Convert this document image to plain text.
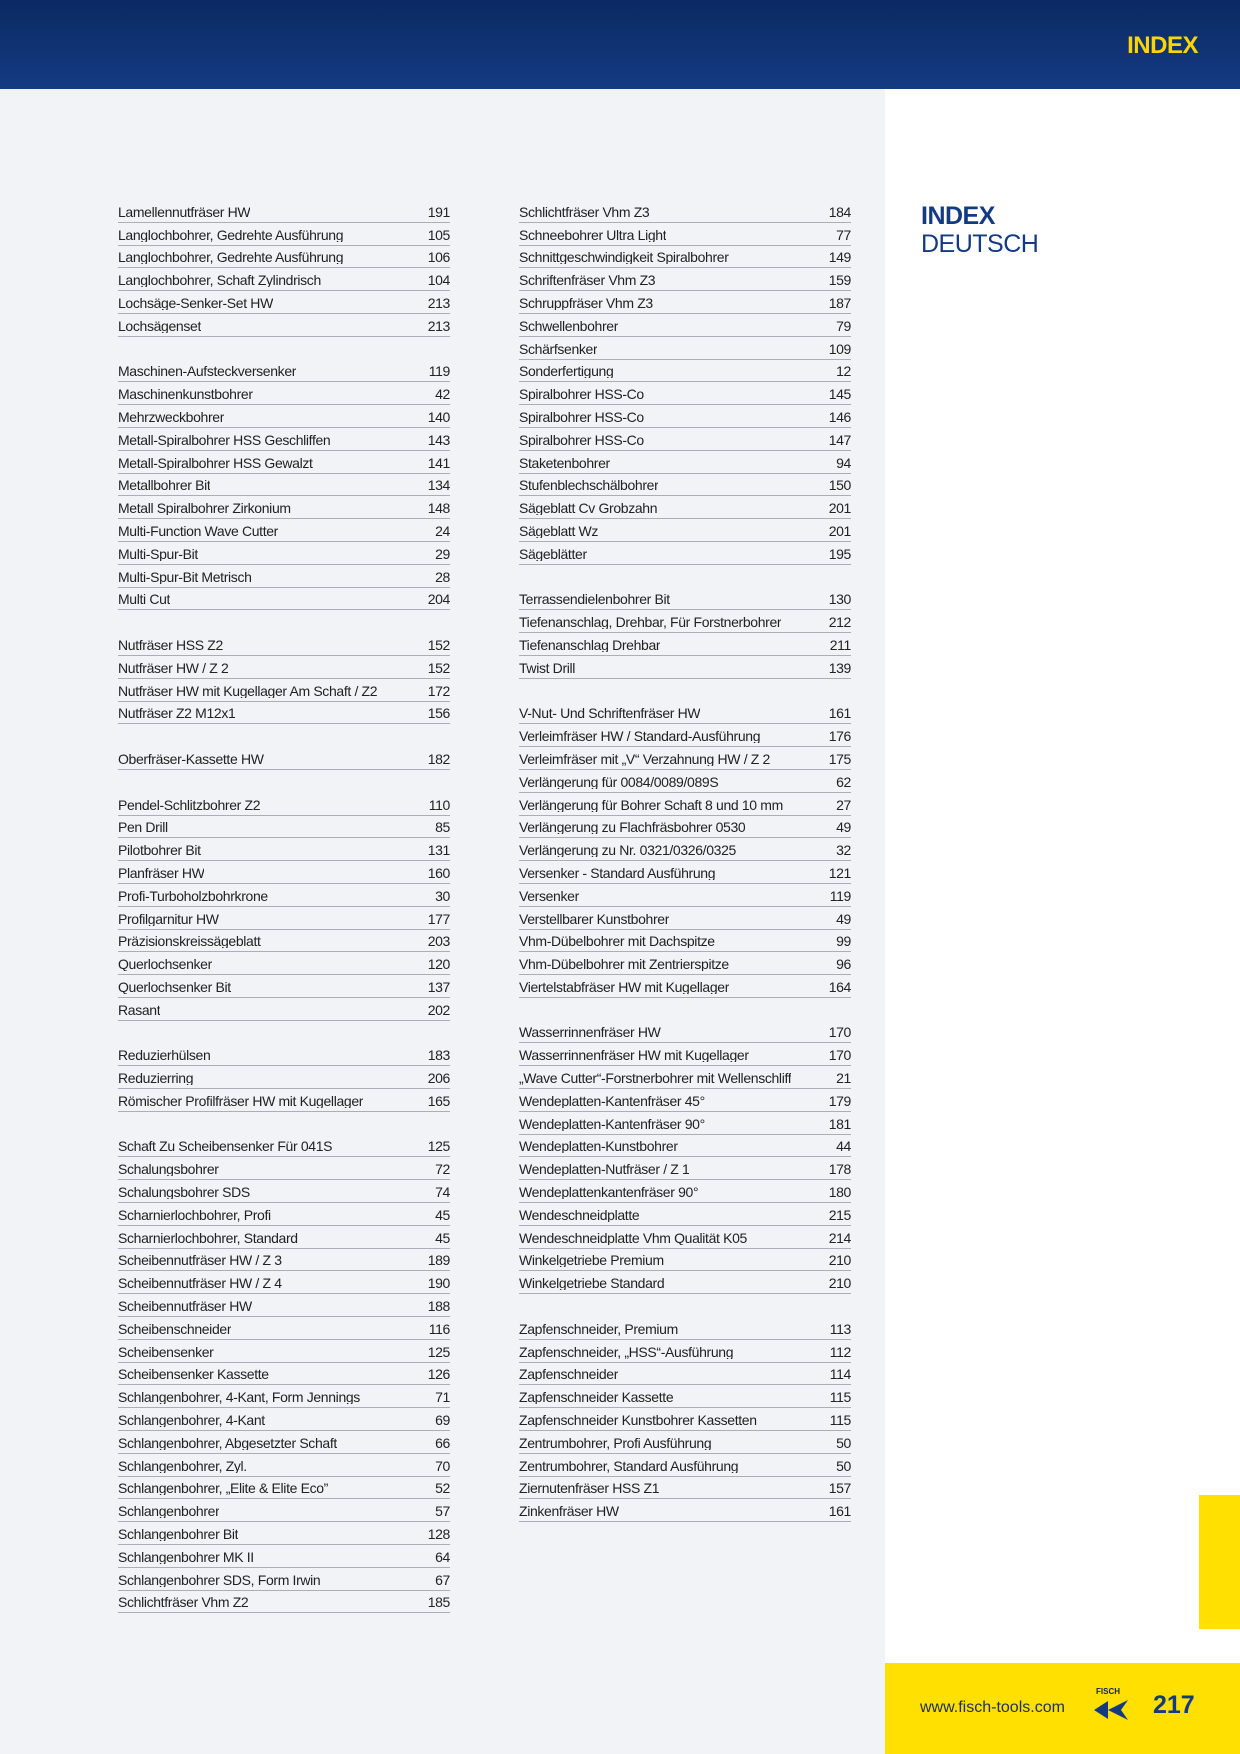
INDEX
Lamellennutfräser HW	191
Langlochbohrer, Gedrehte Ausführung	105
Langlochbohrer, Gedrehte Ausführung	106
Langlochbohrer, Schaft Zylindrisch	104
Lochsäge-Senker-Set HW	213
Lochsägenset	213
Maschinen-Aufsteckversenker	119
Maschinenkunstbohrer	42
Mehrzweckbohrer	140
Metall-Spiralbohrer HSS Geschliffen	143
Metall-Spiralbohrer HSS Gewalzt	141
Metallbohrer Bit	134
Metall Spiralbohrer Zirkonium	148
Multi-Function Wave Cutter	24
Multi-Spur-Bit	29
Multi-Spur-Bit Metrisch	28
Multi Cut	204
Nutfräser HSS Z2	152
Nutfräser HW / Z 2	152
Nutfräser HW mit Kugellager Am Schaft / Z2	172
Nutfräser Z2 M12x1	156
Oberfräser-Kassette HW	182
Pendel-Schlitzbohrer Z2	110
Pen Drill	85
Pilotbohrer Bit	131
Planfräser HW	160
Profi-Turboholzbohrkrone	30
Profilgarnitur HW	177
Präzisionskreissägeblatt	203
Querlochsenker	120
Querlochsenker Bit	137
Rasant	202
Reduzierhülsen	183
Reduzierring	206
Römischer Profilfräser HW mit Kugellager	165
Schaft Zu Scheibensenker Für 041S	125
Schalungsbohrer	72
Schalungsbohrer SDS	74
Scharnierlochbohrer, Profi	45
Scharnierlochbohrer, Standard	45
Scheibennutfräser HW / Z 3	189
Scheibennutfräser HW / Z 4	190
Scheibennutfräser HW	188
Scheibenschneider	116
Scheibensenker	125
Scheibensenker Kassette	126
Schlangenbohrer, 4-Kant, Form Jennings	71
Schlangenbohrer, 4-Kant	69
Schlangenbohrer, Abgesetzter Schaft	66
Schlangenbohrer, Zyl.	70
Schlangenbohrer, „Elite & Elite Eco”	52
Schlangenbohrer	57
Schlangenbohrer Bit	128
Schlangenbohrer MK II	64
Schlangenbohrer SDS, Form Irwin	67
Schlichtfräser Vhm Z2	185
Schlichtfräser Vhm Z3	184
Schneebohrer Ultra Light	77
Schnittgeschwindigkeit Spiralbohrer	149
Schriftenfräser Vhm Z3	159
Schruppfräser Vhm Z3	187
Schwellenbohrer	79
Schärfsenker	109
Sonderfertigung	12
Spiralbohrer HSS-Co	145
Spiralbohrer HSS-Co	146
Spiralbohrer HSS-Co	147
Staketenbohrer	94
Stufenblechschälbohrer	150
Sägeblatt Cv Grobzahn	201
Sägeblatt Wz	201
Sägeblätter	195
Terrassendielenbohrer Bit	130
Tiefenanschlag, Drehbar, Für Forstnerbohrer	212
Tiefenanschlag Drehbar	211
Twist Drill	139
V-Nut- Und Schriftenfräser HW	161
Verleimfräser HW / Standard-Ausführung	176
Verleimfräser mit „V“ Verzahnung HW / Z 2	175
Verlängerung für 0084/0089/089S	62
Verlängerung für Bohrer Schaft 8 und 10 mm	27
Verlängerung zu Flachfräsbohrer 0530	49
Verlängerung zu Nr. 0321/0326/0325	32
Versenker - Standard Ausführung	121
Versenker	119
Verstellbarer Kunstbohrer	49
Vhm-Dübelbohrer mit Dachspitze	99
Vhm-Dübelbohrer mit Zentrierspitze	96
Viertelstabfräser HW mit Kugellager	164
Wasserrinnenfräser HW	170
Wasserrinnenfräser HW mit Kugellager	170
„Wave Cutter“-Forstnerbohrer mit Wellenschliff	21
Wendeplatten-Kantenfräser 45°	179
Wendeplatten-Kantenfräser 90°	181
Wendeplatten-Kunstbohrer	44
Wendeplatten-Nutfräser / Z 1	178
Wendeplattenkantenfräser 90°	180
Wendeschneidplatte	215
Wendeschneidplatte Vhm Qualität K05	214
Winkelgetriebe Premium	210
Winkelgetriebe Standard	210
Zapfenschneider, Premium	113
Zapfenschneider, „HSS“-Ausführung	112
Zapfenschneider	114
Zapfenschneider Kassette	115
Zapfenschneider Kunstbohrer Kassetten	115
Zentrumbohrer, Profi Ausführung	50
Zentrumbohrer, Standard Ausführung	50
Ziernutenfräser HSS Z1	157
Zinkenfräser HW	161
INDEX
DEUTSCH
www.fisch-tools.com
FISCH 217
